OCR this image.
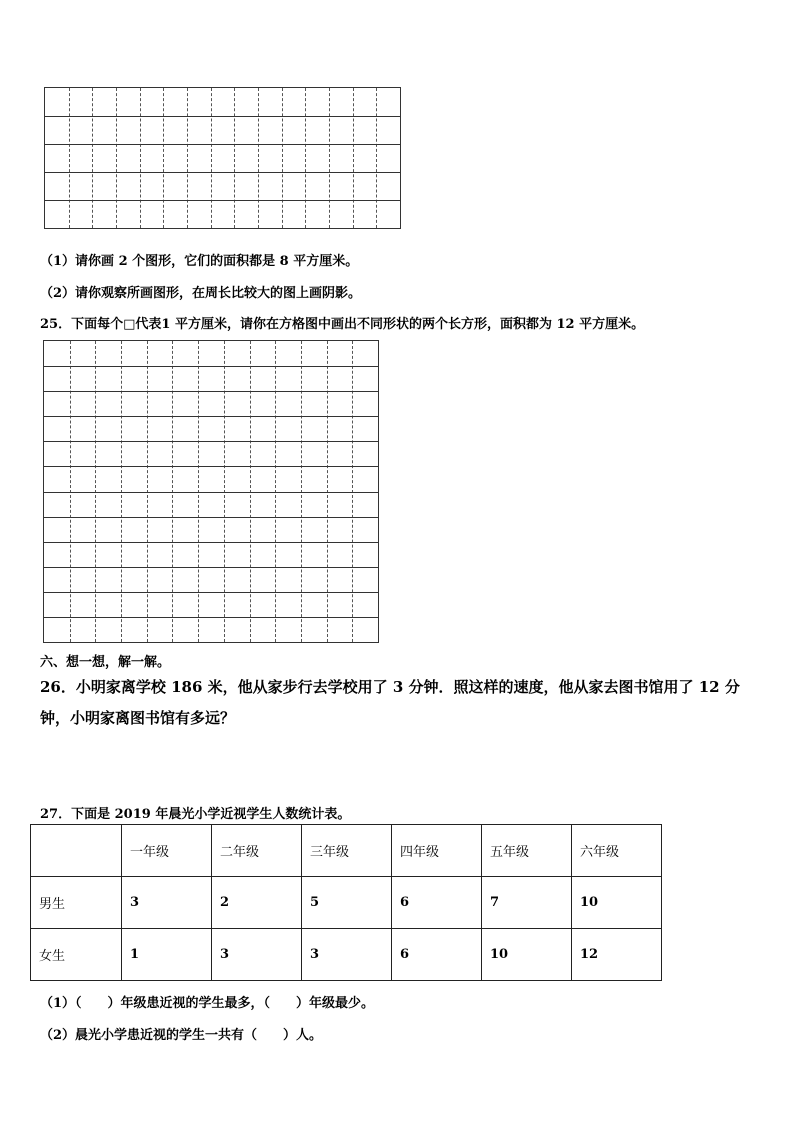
（1）请你画 2 个图形，它们的面积都是 8 平方厘米。
（2）请你观察所画图形，在周长比较大的图上画阴影。
25．下面每个□代表1 平方厘米，请你在方格图中画出不同形状的两个长方形，面积都为 12 平方厘米。
六、想一想，解一解。
26．小明家离学校 186 米，他从家步行去学校用了 3 分钟．照这样的速度，他从家去图书馆用了 12 分钟，小明家离图书馆有多远？
27．下面是 2019 年晨光小学近视学生人数统计表。
	一年级	二年级	三年级	四年级	五年级	六年级
男生	3	2	5	6	7	10
女生	1	3	3	6	10	12
（1）（　　）年级患近视的学生最多，（　　）年级最少。
（2）晨光小学患近视的学生一共有（　　）人。
